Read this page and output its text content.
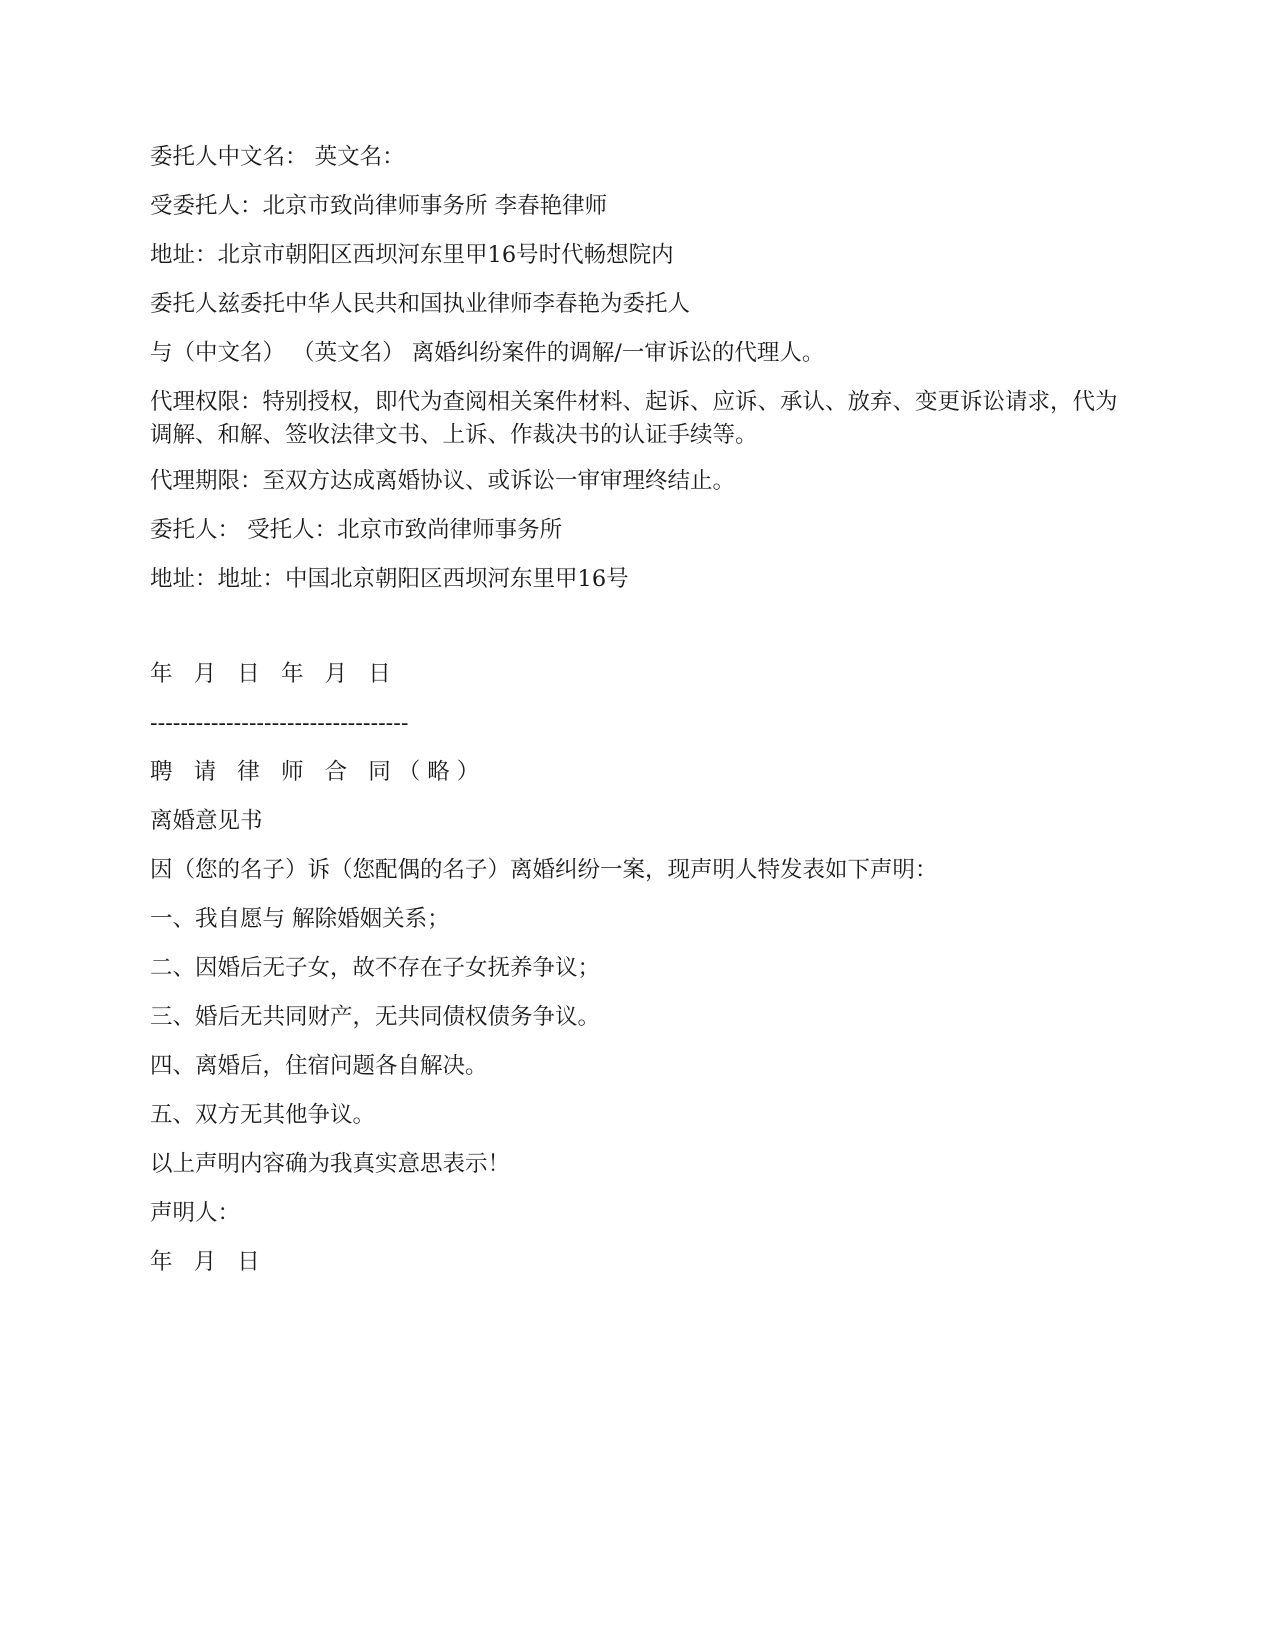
委托人中文名： 英文名：

受委托人：北京市致尚律师事务所 李春艳律师

地址：北京市朝阳区西坝河东里甲16号时代畅想院内

委托人兹委托中华人民共和国执业律师李春艳为委托人

与（中文名） （英文名） 离婚纠纷案件的调解/一审诉讼的代理人。

代理权限：特别授权，即代为查阅相关案件材料、起诉、应诉、承认、放弃、变更诉讼请求，代为调解、和解、签收法律文书、上诉、作裁决书的认证手续等。

代理期限：至双方达成离婚协议、或诉讼一审审理终结止。

委托人： 受托人：北京市致尚律师事务所

地址：地址：中国北京朝阳区西坝河东里甲16号

年 月 日 年 月 日

----------------------------------

聘 请 律 师 合 同（略）

离婚意见书

因（您的名子）诉（您配偶的名子）离婚纠纷一案，现声明人特发表如下声明：

一、我自愿与 解除婚姻关系；

二、因婚后无子女，故不存在子女抚养争议；

三、婚后无共同财产，无共同债权债务争议。

四、离婚后，住宿问题各自解决。

五、双方无其他争议。

以上声明内容确为我真实意思表示！

声明人：

年 月 日
